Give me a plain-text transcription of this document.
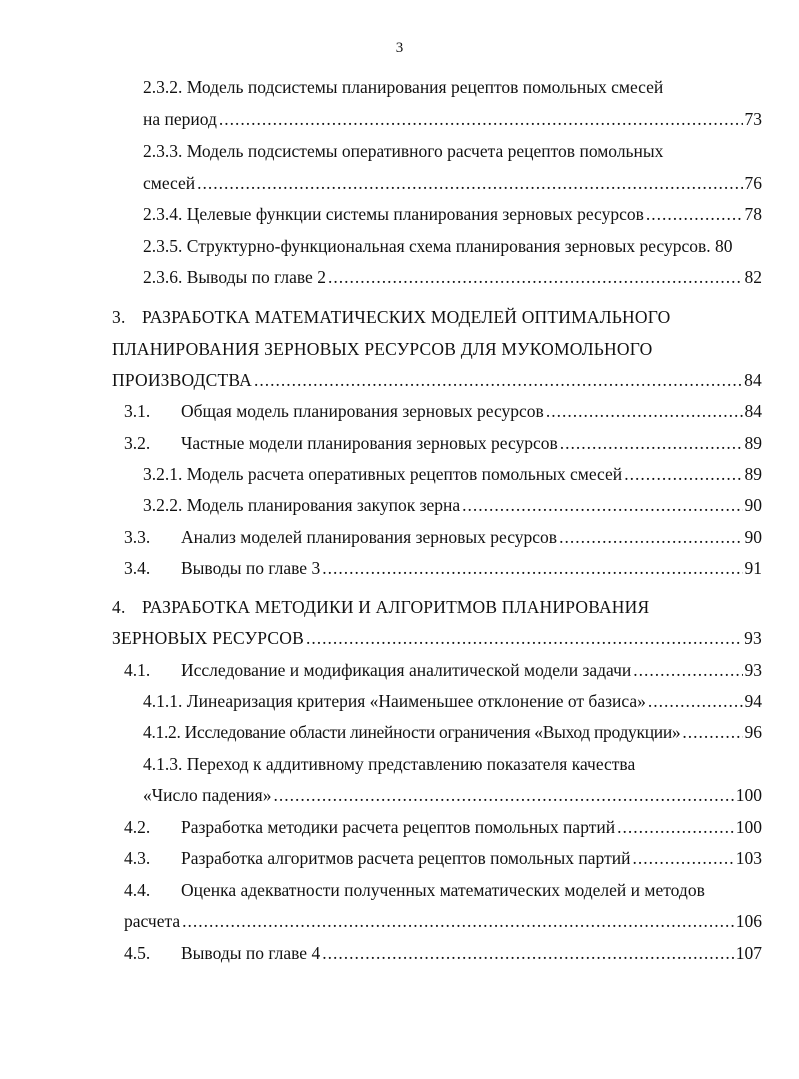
3
2.3.2. Модель подсистемы планирования рецептов помольных смесей
на период .....	73
2.3.3. Модель подсистемы оперативного расчета рецептов помольных
смесей .....	76
2.3.4. Целевые функции системы планирования зерновых ресурсов .....	78
2.3.5. Структурно-функциональная схема планирования зерновых ресурсов. 80
2.3.6. Выводы по главе 2 .....	82
3. РАЗРАБОТКА МАТЕМАТИЧЕСКИХ МОДЕЛЕЙ ОПТИМАЛЬНОГО
ПЛАНИРОВАНИЯ ЗЕРНОВЫХ РЕСУРСОВ ДЛЯ МУКОМОЛЬНОГО
ПРОИЗВОДСТВА .....	84
3.1. Общая модель планирования зерновых ресурсов .....	84
3.2. Частные модели планирования зерновых ресурсов .....	89
3.2.1. Модель расчета оперативных рецептов помольных смесей .....	89
3.2.2. Модель планирования закупок зерна .....	90
3.3. Анализ моделей планирования зерновых ресурсов .....	90
3.4. Выводы по главе 3 .....	91
4. РАЗРАБОТКА МЕТОДИКИ И АЛГОРИТМОВ ПЛАНИРОВАНИЯ
ЗЕРНОВЫХ РЕСУРСОВ .....	93
4.1. Исследование и модификация аналитической модели задачи .....	93
4.1.1. Линеаризация критерия «Наименьшее отклонение от базиса» .....	94
4.1.2. Исследование области линейности ограничения «Выход продукции» .....	96
4.1.3. Переход к аддитивному представлению показателя качества
«Число падения» .....	100
4.2. Разработка методики расчета рецептов помольных партий .....	100
4.3. Разработка алгоритмов расчета рецептов помольных партий .....	103
4.4. Оценка адекватности полученных математических моделей и методов
расчета .....	106
4.5. Выводы по главе 4 .....	107
